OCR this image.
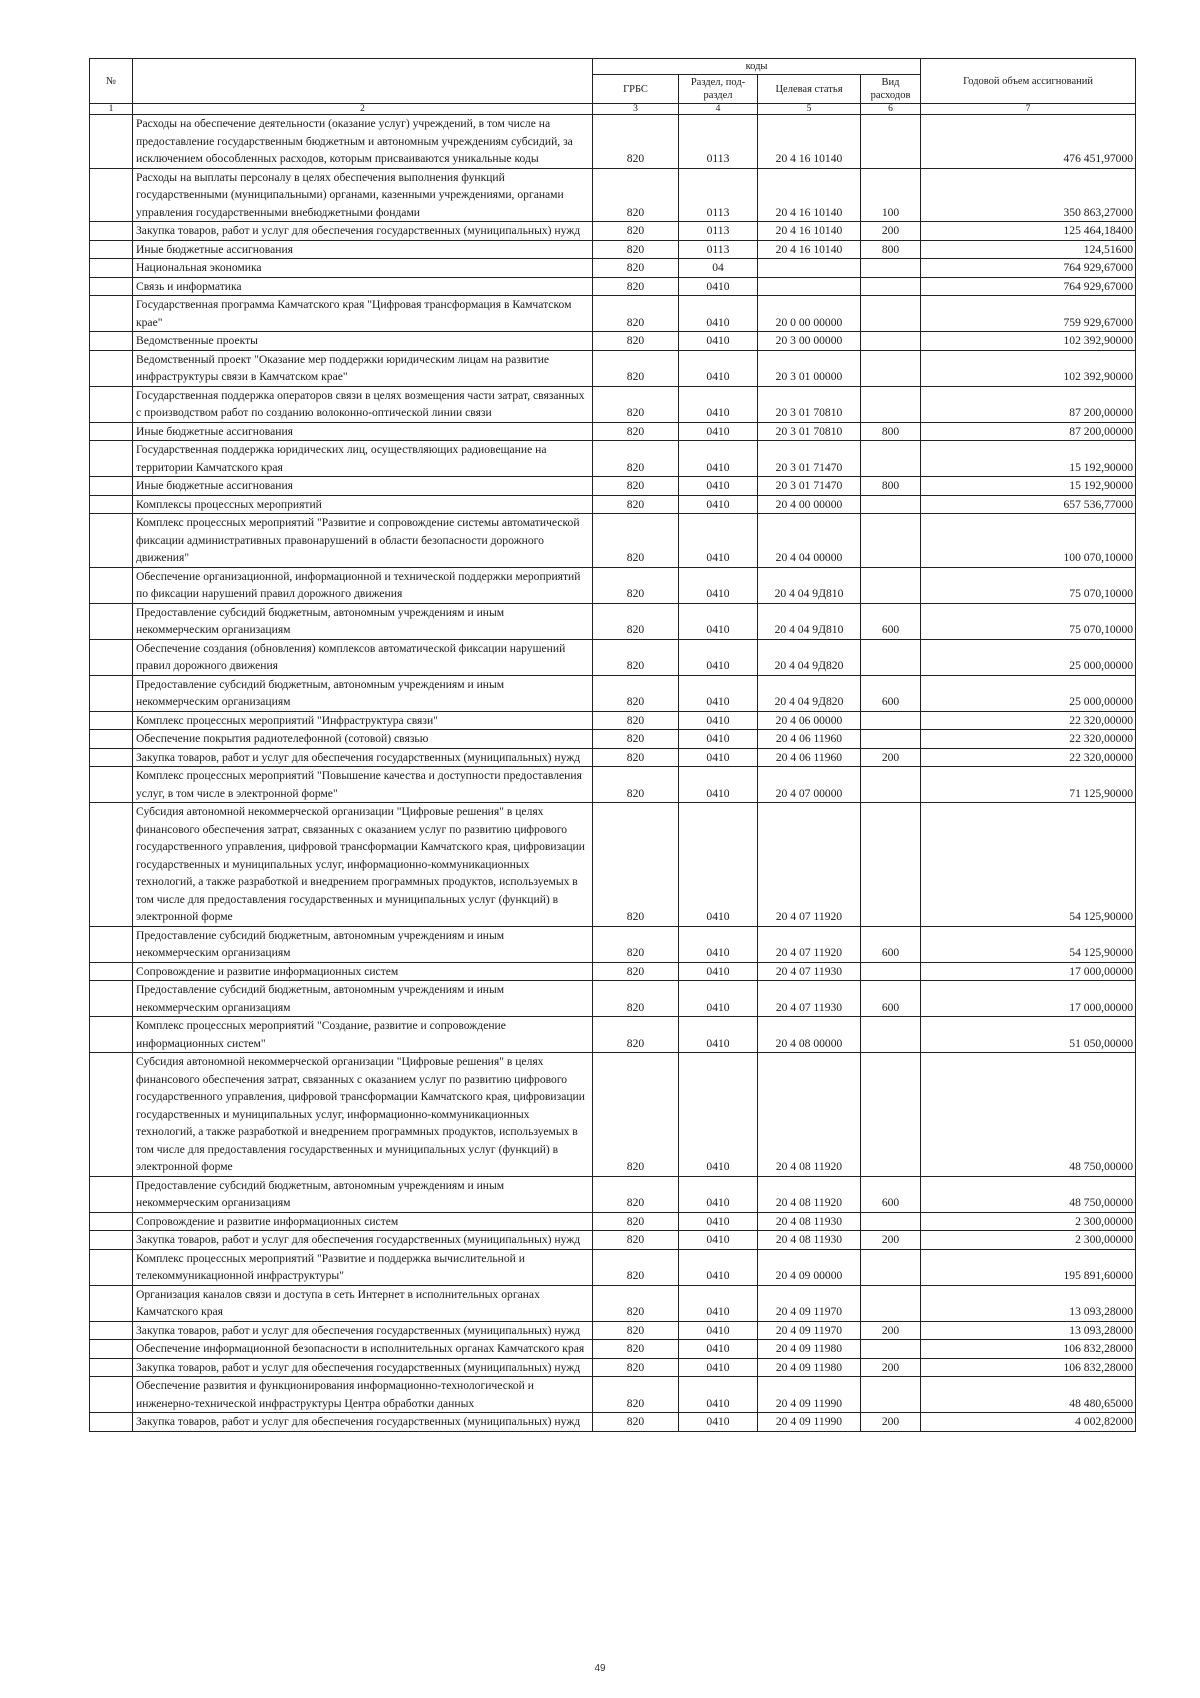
№		коды				Годовой объем ассигнований
		ГРБС	Раздел, под-раздел	Целевая статья	Вид расходов	
1	2	3	4	5	6	7
	Расходы на обеспечение деятельности (оказание услуг) учреждений, в том числе на предоставление государственным бюджетным и автономным учреждениям субсидий, за исключением обособленных расходов, которым присваиваются уникальные коды	820	0113	20 4 16 10140		476 451,97000
	Расходы на выплаты персоналу в целях обеспечения выполнения функций государственными (муниципальными) органами, казенными учреждениями, органами управления государственными внебюджетными фондами	820	0113	20 4 16 10140	100	350 863,27000
	Закупка товаров, работ и услуг для обеспечения государственных (муниципальных) нужд	820	0113	20 4 16 10140	200	125 464,18400
	Иные бюджетные ассигнования	820	0113	20 4 16 10140	800	124,51600
	Национальная экономика	820	04			764 929,67000
	Связь и информатика	820	0410			764 929,67000
	Государственная программа Камчатского края "Цифровая трансформация в Камчатском крае"	820	0410	20 0 00 00000		759 929,67000
	Ведомственные проекты	820	0410	20 3 00 00000		102 392,90000
	Ведомственный проект "Оказание мер поддержки юридическим лицам на развитие инфраструктуры связи в Камчатском крае"	820	0410	20 3 01 00000		102 392,90000
	Государственная поддержка операторов связи в целях возмещения части затрат, связанных с производством работ по созданию волоконно-оптической линии связи	820	0410	20 3 01 70810		87 200,00000
	Иные бюджетные ассигнования	820	0410	20 3 01 70810	800	87 200,00000
	Государственная поддержка юридических лиц, осуществляющих радиовещание на территории Камчатского края	820	0410	20 3 01 71470		15 192,90000
	Иные бюджетные ассигнования	820	0410	20 3 01 71470	800	15 192,90000
	Комплексы процессных мероприятий	820	0410	20 4 00 00000		657 536,77000
	Комплекс процессных мероприятий "Развитие и сопровождение системы автоматической фиксации административных правонарушений в области безопасности дорожного движения"	820	0410	20 4 04 00000		100 070,10000
	Обеспечение организационной, информационной и технической поддержки мероприятий по фиксации нарушений правил дорожного движения	820	0410	20 4 04 9Д810		75 070,10000
	Предоставление субсидий бюджетным, автономным учреждениям и иным некоммерческим организациям	820	0410	20 4 04 9Д810	600	75 070,10000
	Обеспечение создания (обновления) комплексов автоматической фиксации нарушений правил дорожного движения	820	0410	20 4 04 9Д820		25 000,00000
	Предоставление субсидий бюджетным, автономным учреждениям и иным некоммерческим организациям	820	0410	20 4 04 9Д820	600	25 000,00000
	Комплекс процессных мероприятий "Инфраструктура связи"	820	0410	20 4 06 00000		22 320,00000
	Обеспечение покрытия радиотелефонной (сотовой) связью	820	0410	20 4 06 11960		22 320,00000
	Закупка товаров, работ и услуг для обеспечения государственных (муниципальных) нужд	820	0410	20 4 06 11960	200	22 320,00000
	Комплекс процессных мероприятий "Повышение качества и доступности предоставления услуг, в том числе в электронной форме"	820	0410	20 4 07 00000		71 125,90000
	Субсидия автономной некоммерческой организации "Цифровые решения" в целях финансового обеспечения затрат, связанных с оказанием услуг по развитию цифрового государственного управления, цифровой трансформации Камчатского края, цифровизации государственных и муниципальных услуг, информационно-коммуникационных технологий, а также разработкой и внедрением программных продуктов, используемых в том числе для предоставления государственных и муниципальных услуг (функций) в электронной форме	820	0410	20 4 07 11920		54 125,90000
	Предоставление субсидий бюджетным, автономным учреждениям и иным некоммерческим организациям	820	0410	20 4 07 11920	600	54 125,90000
	Сопровождение и развитие информационных систем	820	0410	20 4 07 11930		17 000,00000
	Предоставление субсидий бюджетным, автономным учреждениям и иным некоммерческим организациям	820	0410	20 4 07 11930	600	17 000,00000
	Комплекс процессных мероприятий "Создание, развитие и сопровождение информационных систем"	820	0410	20 4 08 00000		51 050,00000
	Субсидия автономной некоммерческой организации "Цифровые решения" в целях финансового обеспечения затрат, связанных с оказанием услуг по развитию цифрового государственного управления, цифровой трансформации Камчатского края, цифровизации государственных и муниципальных услуг, информационно-коммуникационных технологий, а также разработкой и внедрением программных продуктов, используемых в том числе для предоставления государственных и муниципальных услуг (функций) в электронной форме	820	0410	20 4 08 11920		48 750,00000
	Предоставление субсидий бюджетным, автономным учреждениям и иным некоммерческим организациям	820	0410	20 4 08 11920	600	48 750,00000
	Сопровождение и развитие информационных систем	820	0410	20 4 08 11930		2 300,00000
	Закупка товаров, работ и услуг для обеспечения государственных (муниципальных) нужд	820	0410	20 4 08 11930	200	2 300,00000
	Комплекс процессных мероприятий "Развитие и поддержка вычислительной и телекоммуникационной инфраструктуры"	820	0410	20 4 09 00000		195 891,60000
	Организация каналов связи и доступа в сеть Интернет в исполнительных органах Камчатского края	820	0410	20 4 09 11970		13 093,28000
	Закупка товаров, работ и услуг для обеспечения государственных (муниципальных) нужд	820	0410	20 4 09 11970	200	13 093,28000
	Обеспечение информационной безопасности в исполнительных органах Камчатского края	820	0410	20 4 09 11980		106 832,28000
	Закупка товаров, работ и услуг для обеспечения государственных (муниципальных) нужд	820	0410	20 4 09 11980	200	106 832,28000
	Обеспечение развития и функционирования информационно-технологической и инженерно-технической инфраструктуры Центра обработки данных	820	0410	20 4 09 11990		48 480,65000
	Закупка товаров, работ и услуг для обеспечения государственных (муниципальных) нужд	820	0410	20 4 09 11990	200	4 002,82000
49
